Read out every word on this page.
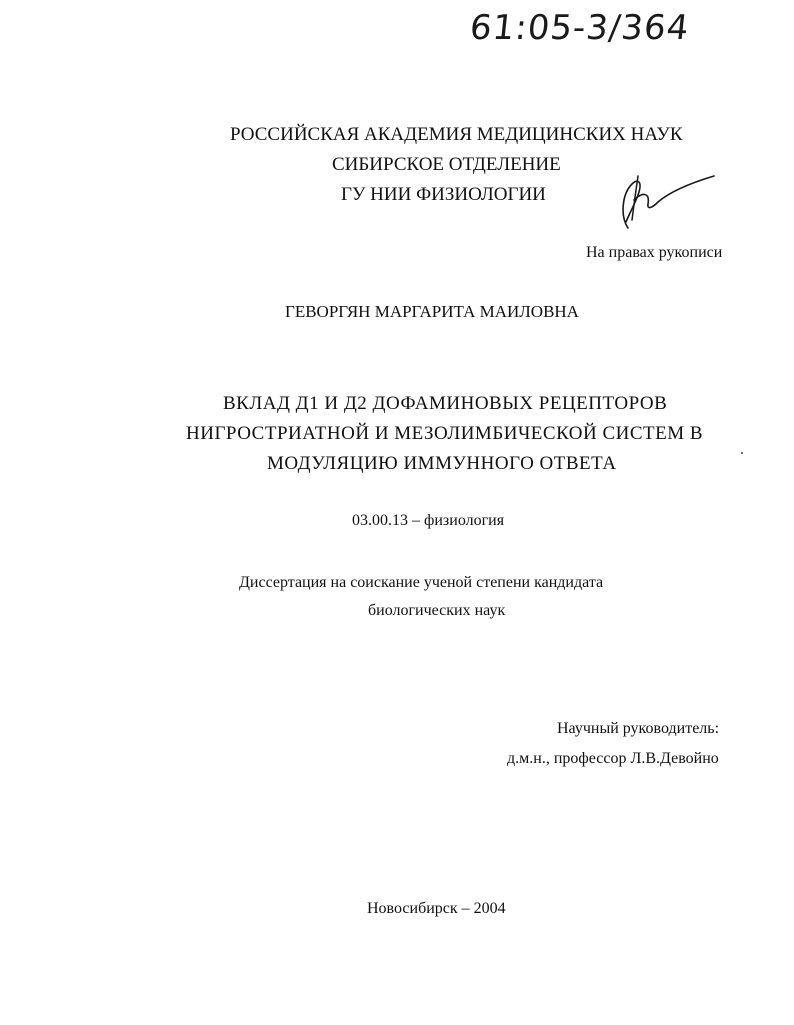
61:05-3/364
РОССИЙСКАЯ АКАДЕМИЯ МЕДИЦИНСКИХ НАУК
СИБИРСКОЕ ОТДЕЛЕНИЕ
ГУ НИИ ФИЗИОЛОГИИ
На правах рукописи
ГЕВОРГЯН МАРГАРИТА МАИЛОВНА
ВКЛАД Д1 И Д2 ДОФАМИНОВЫХ РЕЦЕПТОРОВ
НИГРОСТРИАТНОЙ И МЕЗОЛИМБИЧЕСКОЙ СИСТЕМ В
МОДУЛЯЦИЮ ИММУННОГО ОТВЕТА
03.00.13 – физиология
Диссертация на соискание ученой степени кандидата
биологических наук
Научный руководитель:
д.м.н., профессор Л.В.Девойно
Новосибирск – 2004
